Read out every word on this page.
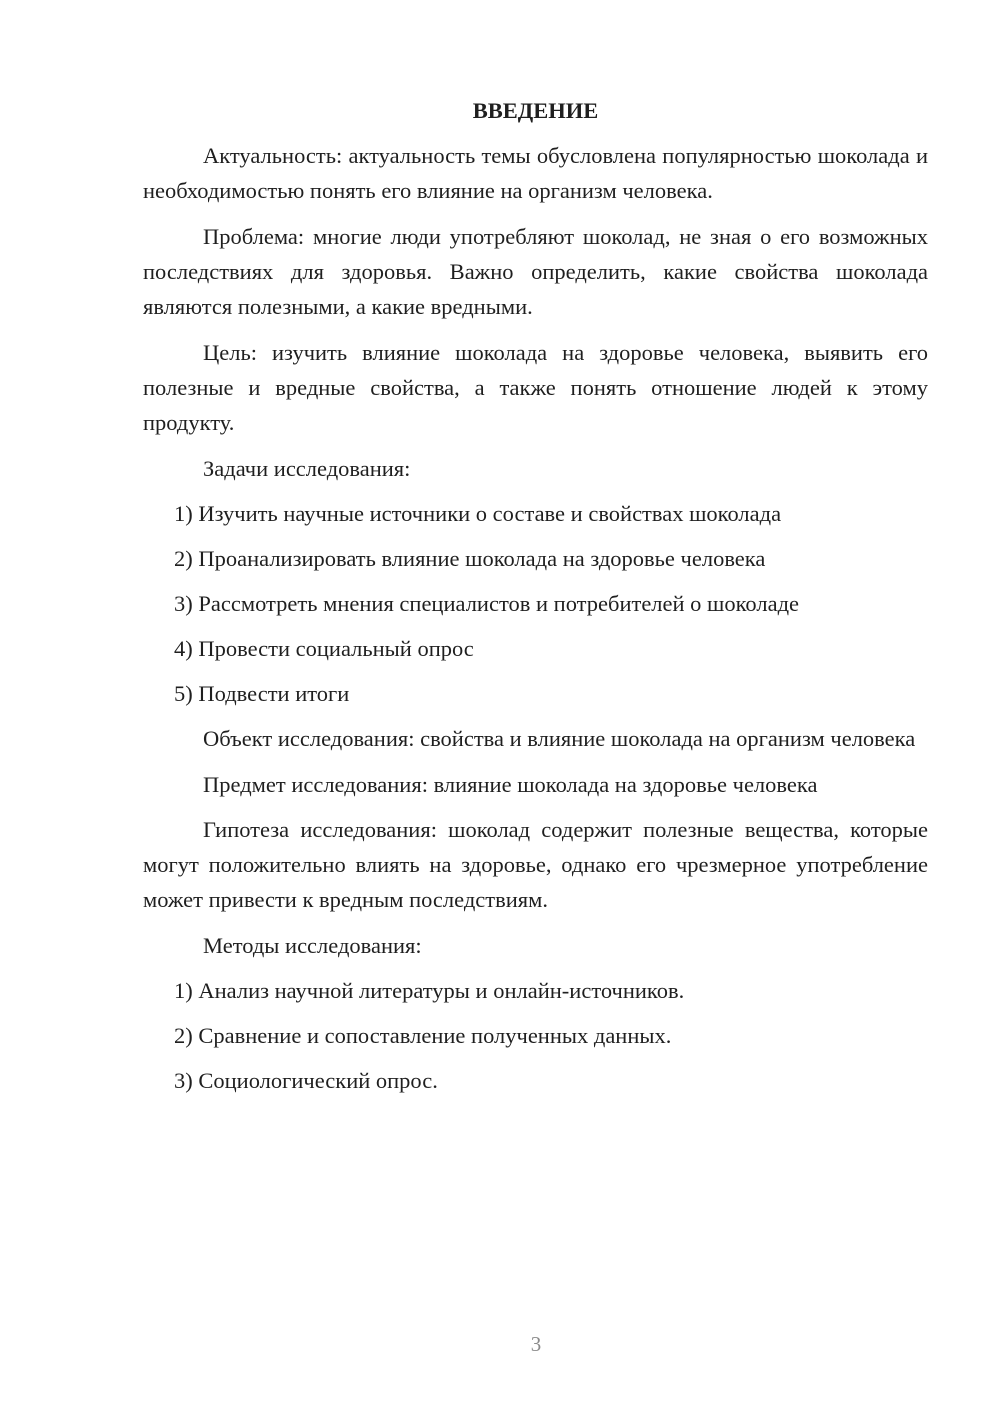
ВВЕДЕНИЕ

Актуальность: актуальность темы обусловлена популярностью шоколада и необходимостью понять его влияние на организм человека.

Проблема: многие люди употребляют шоколад, не зная о его возможных последствиях для здоровья. Важно определить, какие свойства шоколада являются полезными, а какие вредными.

Цель: изучить влияние шоколада на здоровье человека, выявить его полезные и вредные свойства, а также понять отношение людей к этому продукту.

Задачи исследования:
1) Изучить научные источники о составе и свойствах шоколада
2) Проанализировать влияние шоколада на здоровье человека
3) Рассмотреть мнения специалистов и потребителей о шоколаде
4) Провести социальный опрос
5) Подвести итоги

Объект исследования: свойства и влияние шоколада на организм человека

Предмет исследования: влияние шоколада на здоровье человека

Гипотеза исследования: шоколад содержит полезные вещества, которые могут положительно влиять на здоровье, однако его чрезмерное употребление может привести к вредным последствиям.

Методы исследования:
1) Анализ научной литературы и онлайн-источников.
2) Сравнение и сопоставление полученных данных.
3) Социологический опрос.
3
